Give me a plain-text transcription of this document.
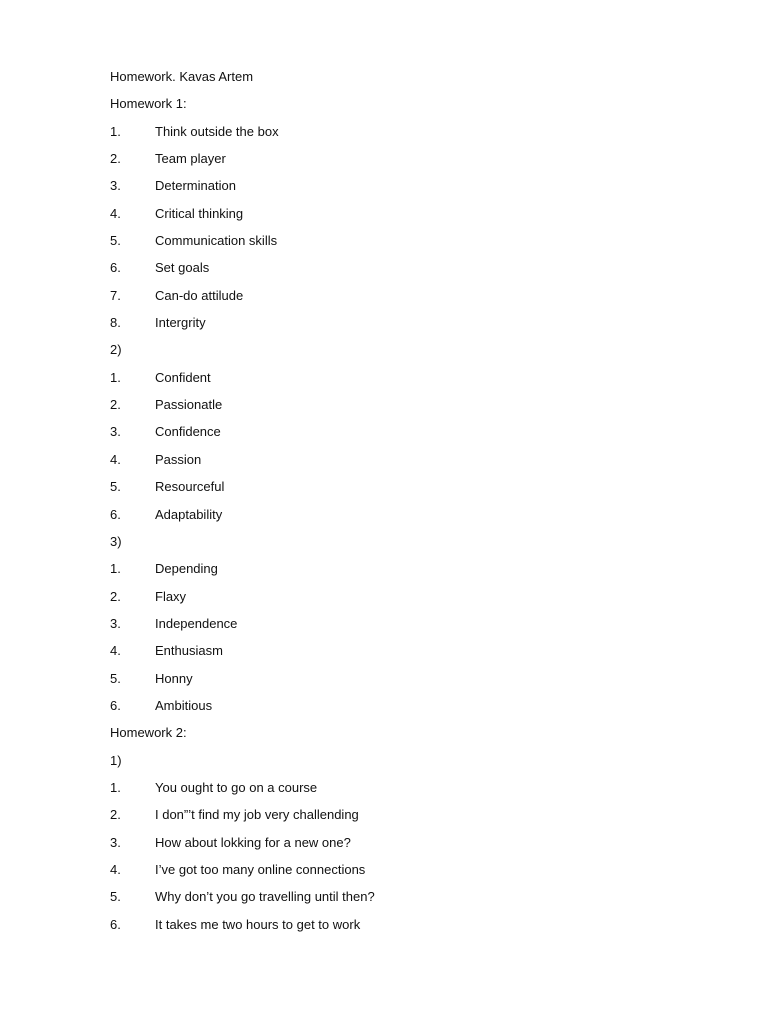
Homework. Kavas Artem
Homework 1:
1.	Think outside the box
2.	Team player
3.	Determination
4.	Critical thinking
5.	Communication skills
6.	Set goals
7.	Can-do attilude
8.	Intergrity
2)
1.	Confident
2.	Passionatle
3.	Confidence
4.	Passion
5.	Resourceful
6.	Adaptability
3)
1.	Depending
2.	Flaxy
3.	Independence
4.	Enthusiasm
5.	Honny
6.	Ambitious
Homework 2:
1)
1.	You ought to go on a course
2.	I don”’t find my job very challending
3.	How about lokking for a new one?
4.	I’ve got too many online connections
5.	Why don’t you go travelling until then?
6.	It takes me two hours to get to work
